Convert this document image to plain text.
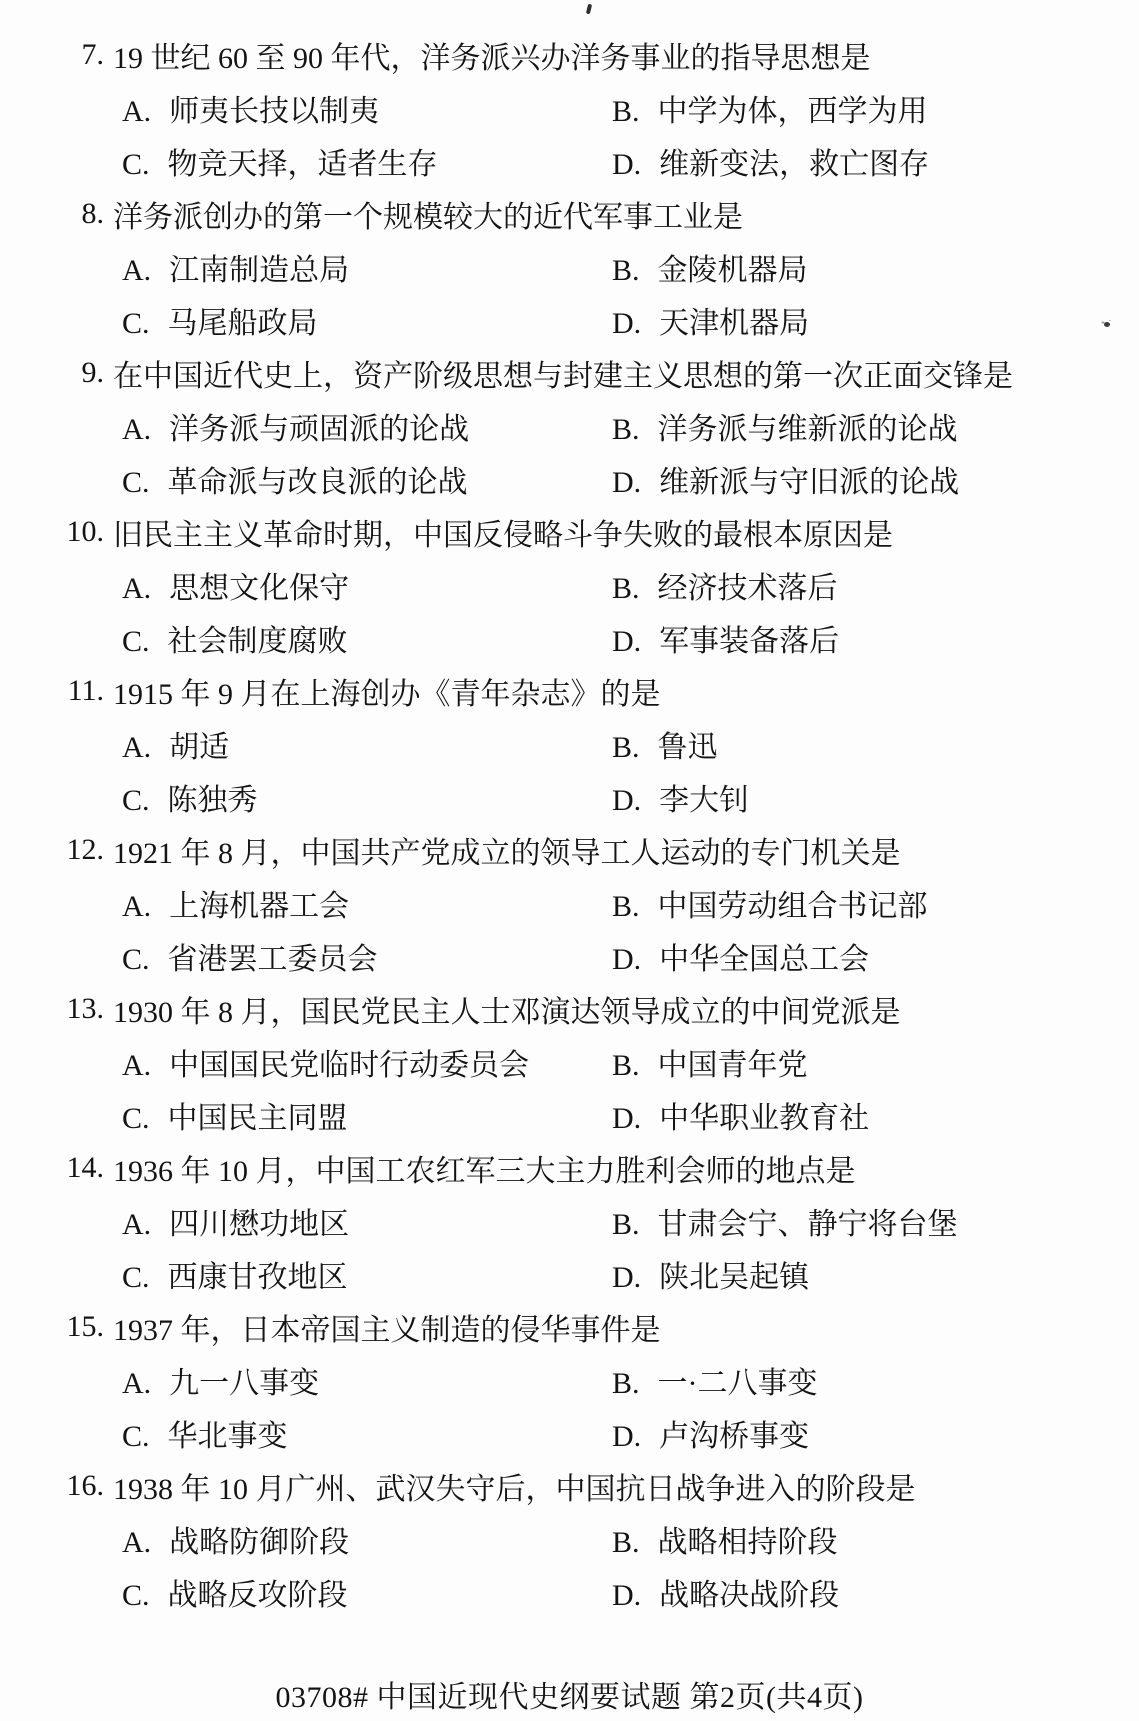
7. 19 世纪 60 至 90 年代，洋务派兴办洋务事业的指导思想是
A. 师夷长技以制夷	B. 中学为体，西学为用
C. 物竞天择，适者生存	D. 维新变法，救亡图存
8. 洋务派创办的第一个规模较大的近代军事工业是
A. 江南制造总局	B. 金陵机器局
C. 马尾船政局	D. 天津机器局
9. 在中国近代史上，资产阶级思想与封建主义思想的第一次正面交锋是
A. 洋务派与顽固派的论战	B. 洋务派与维新派的论战
C. 革命派与改良派的论战	D. 维新派与守旧派的论战
10. 旧民主主义革命时期，中国反侵略斗争失败的最根本原因是
A. 思想文化保守	B. 经济技术落后
C. 社会制度腐败	D. 军事装备落后
11. 1915 年 9 月在上海创办《青年杂志》的是
A. 胡适	B. 鲁迅
C. 陈独秀	D. 李大钊
12. 1921 年 8 月，中国共产党成立的领导工人运动的专门机关是
A. 上海机器工会	B. 中国劳动组合书记部
C. 省港罢工委员会	D. 中华全国总工会
13. 1930 年 8 月，国民党民主人士邓演达领导成立的中间党派是
A. 中国国民党临时行动委员会	B. 中国青年党
C. 中国民主同盟	D. 中华职业教育社
14. 1936 年 10 月，中国工农红军三大主力胜利会师的地点是
A. 四川懋功地区	B. 甘肃会宁、静宁将台堡
C. 西康甘孜地区	D. 陕北吴起镇
15. 1937 年，日本帝国主义制造的侵华事件是
A. 九一八事变	B. 一·二八事变
C. 华北事变	D. 卢沟桥事变
16. 1938 年 10 月广州、武汉失守后，中国抗日战争进入的阶段是
A. 战略防御阶段	B. 战略相持阶段
C. 战略反攻阶段	D. 战略决战阶段
03708# 中国近现代史纲要试题 第2页(共4页)
